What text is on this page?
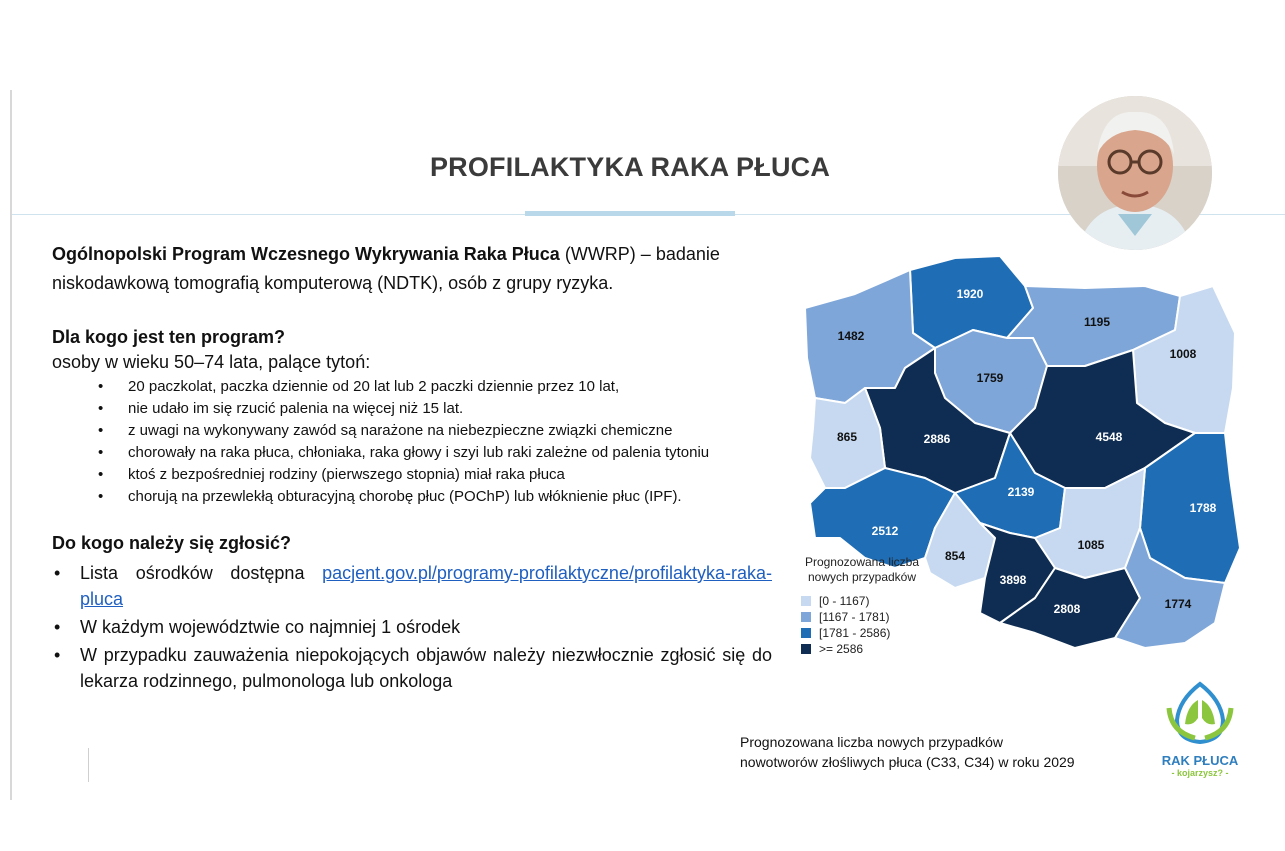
PROFILAKTYKA RAKA PŁUCA

Ogólnopolski Program Wczesnego Wykrywania Raka Płuca (WWRP) – badanie niskodawkową tomografią komputerową (NDTK), osób z grupy ryzyka.

Dla kogo jest ten program?
osoby w wieku 50–74 lata, palące tytoń:
• 20 paczkolat, paczka dziennie od 20 lat lub 2 paczki dziennie przez 10 lat,
• nie udało im się rzucić palenia na więcej niż 15 lat.
• z uwagi na wykonywany zawód są narażone na niebezpieczne związki chemiczne
• chorowały na raka płuca, chłoniaka, raka głowy i szyi lub raki zależne od palenia tytoniu
• ktoś z bezpośredniej rodziny (pierwszego stopnia) miał raka płuca
• chorują na przewlekłą obturacyjną chorobę płuc (POChP) lub włóknienie płuc (IPF).
Do kogo należy się zgłosić?
• Lista ośrodków dostępna pacjent.gov.pl/programy-profilaktyczne/profilaktyka-raka-pluca
• W każdym województwie co najmniej 1 ośrodek
• W przypadku zauważenia niepokojących objawów należy niezwłocznie zgłosić się do lekarza rodzinnego, pulmonologa lub onkologa
1920
1195
1482
1008
1759
2886	4548
865
2139
1788
2512
854
1085
3898
2808	1774
Prognozowana liczba nowych przypadków
[0 - 1167)
[1167 - 1781)
[1781 - 2586)
>= 2586
Prognozowana liczba nowych przypadków
nowotworów złośliwych płuca (C33, C34) w roku 2029	RAK PŁUCA
- kojarzysz? -
